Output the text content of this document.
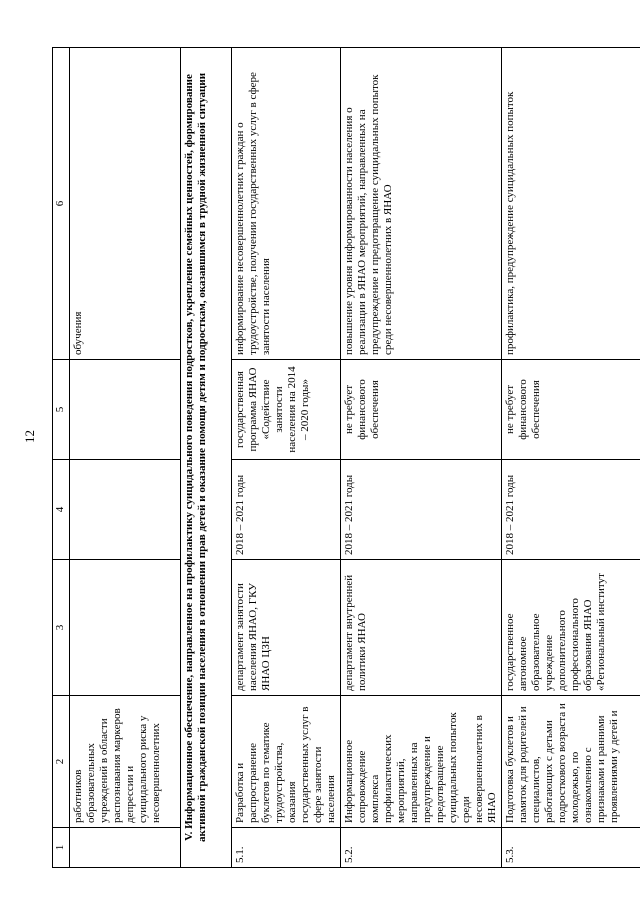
12
1	2	3	4	5	6
	работников образовательных учреждений в области распознавания маркеров депрессии и суицидального риска у несовершеннолетних				обучения
V. Информационное обеспечение, направленное на профилактику суицидального поведения подростков, укрепление семейных ценностей, формирование активной гражданской позиции населения в отношении прав детей и оказание помощи детям и подросткам, оказавшимся в трудной жизненной ситуации					
5.1.	Разработка и распространение буклетов по тематике трудоустройства, оказания государственных услуг в сфере занятости населения	департамент занятости населения ЯНАО, ГКУ ЯНАО ЦЗН	2018 – 2021 годы	государственная программа ЯНАО «Содействие занятости населения на 2014 – 2020 годы»	информирование несовершеннолетних граждан о трудоустройстве, получении государственных услуг в сфере занятости населения
5.2.	Информационное сопровождение комплекса профилактических мероприятий, направленных на предупреждение и предотвращение суицидальных попыток среди несовершеннолетних в ЯНАО	департамент внутренней политики ЯНАО	2018 – 2021 годы	не требует финансового обеспечения	повышение уровня информированности населения о реализации в ЯНАО мероприятий, направленных на предупреждение и предотвращение суицидальных попыток среди несовершеннолетних в ЯНАО
5.3.	Подготовка буклетов и памяток для родителей и специалистов, работающих с детьми подросткового возраста и молодежью, по ознакомлению с признаками и ранними проявлениями у детей и	государственное автономное образовательное учреждение дополнительного профессионального образования ЯНАО «Региональный институт	2018 – 2021 годы	не требует финансового обеспечения	профилактика, предупреждение суицидальных попыток
